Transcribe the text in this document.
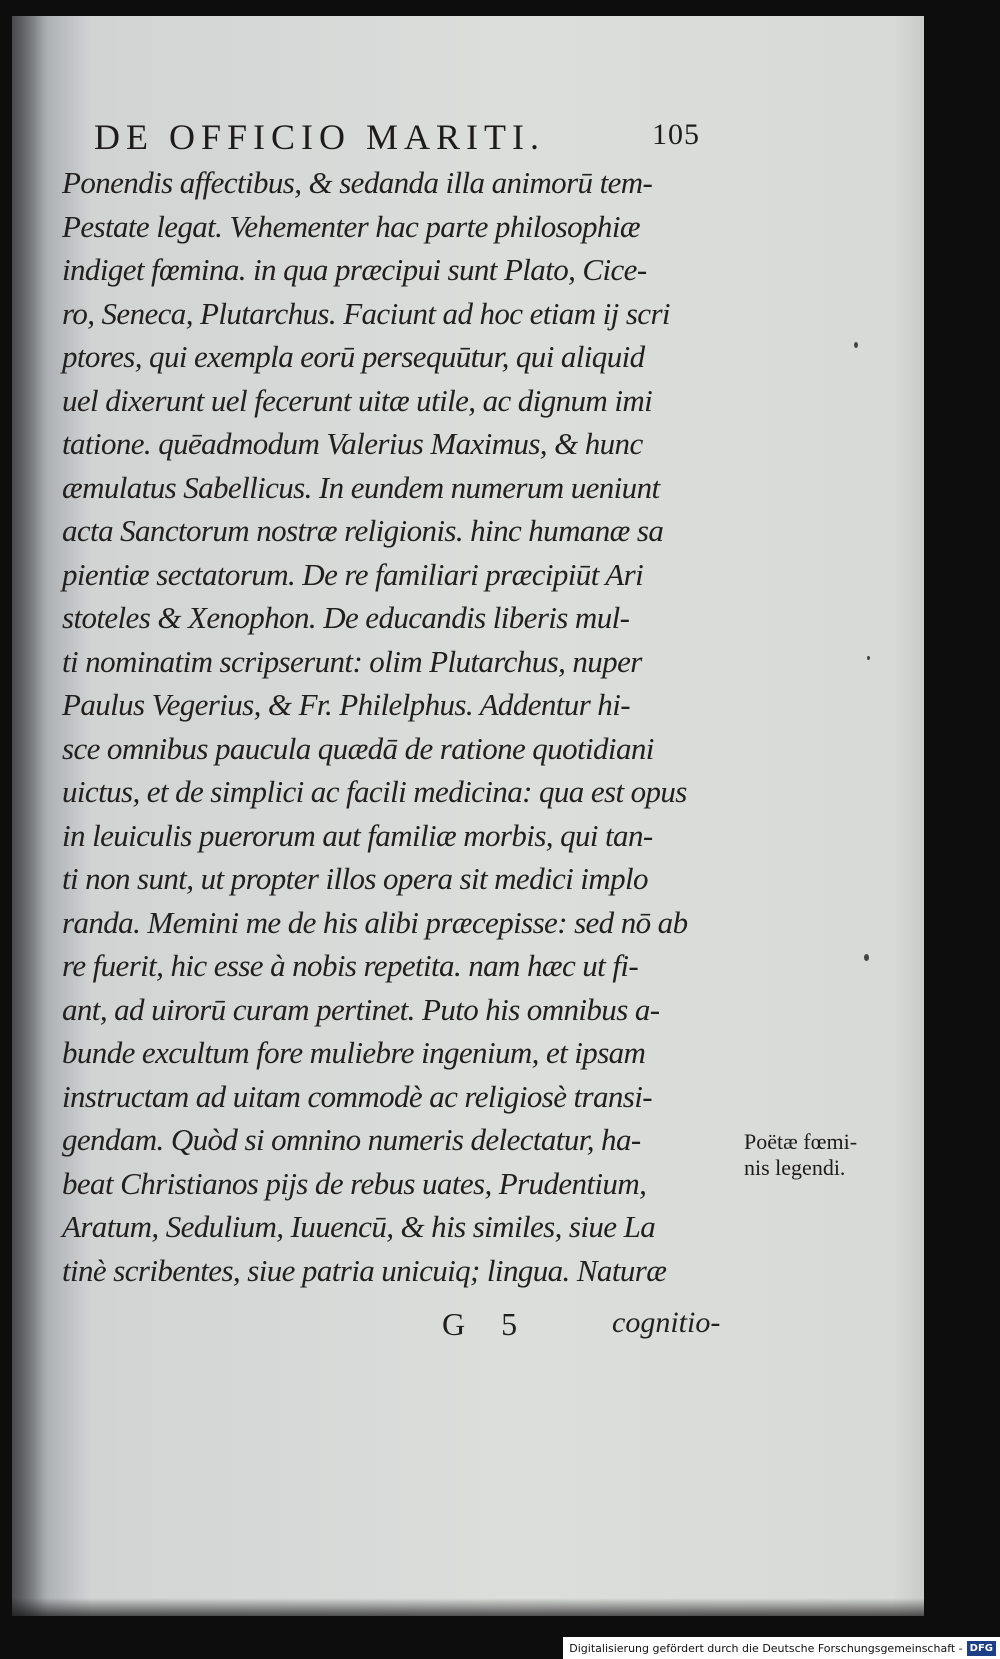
DE OFFICIO MARITI.	105
Ponendis affectibus, & sedanda illa animorū tem-
Pestate legat. Vehementer hac parte philosophiæ
indiget fœmina. in qua præcipui sunt Plato, Cice-
ro, Seneca, Plutarchus. Faciunt ad hoc etiam ij scri
ptores, qui exempla eorū persequūtur, qui aliquid
uel dixerunt uel fecerunt uitæ utile, ac dignum imi
tatione. quēadmodum Valerius Maximus, & hunc
æmulatus Sabellicus. In eundem numerum ueniunt
acta Sanctorum nostræ religionis. hinc humanæ sa
pientiæ sectatorum. De re familiari præcipiūt Ari
stoteles & Xenophon. De educandis liberis mul-
ti nominatim scripserunt: olim Plutarchus, nuper
Paulus Vegerius, & Fr. Philelphus. Addentur hi-
sce omnibus paucula quædā de ratione quotidiani
uictus, et de simplici ac facili medicina: qua est opus
in leuiculis puerorum aut familiæ morbis, qui tan-
ti non sunt, ut propter illos opera sit medici implo
randa. Memini me de his alibi præcepisse: sed nō ab
re fuerit, hic esse à nobis repetita. nam hæc ut fi-
ant, ad uirorū curam pertinet. Puto his omnibus a-
bunde excultum fore muliebre ingenium, et ipsam
instructam ad uitam commodè ac religiosè transi-
gendam. Quòd si omnino numeris delectatur, ha-
beat Christianos pijs de rebus uates, Prudentium,
Aratum, Sedulium, Iuuencū, & his similes, siue La
tinè scribentes, siue patria unicuiq; lingua. Naturæ
Poëtæ fœmi-
nis legendi.
G 5	cognitio-
Digitalisierung gefördert durch die Deutsche Forschungsgemeinschaft - DFG
